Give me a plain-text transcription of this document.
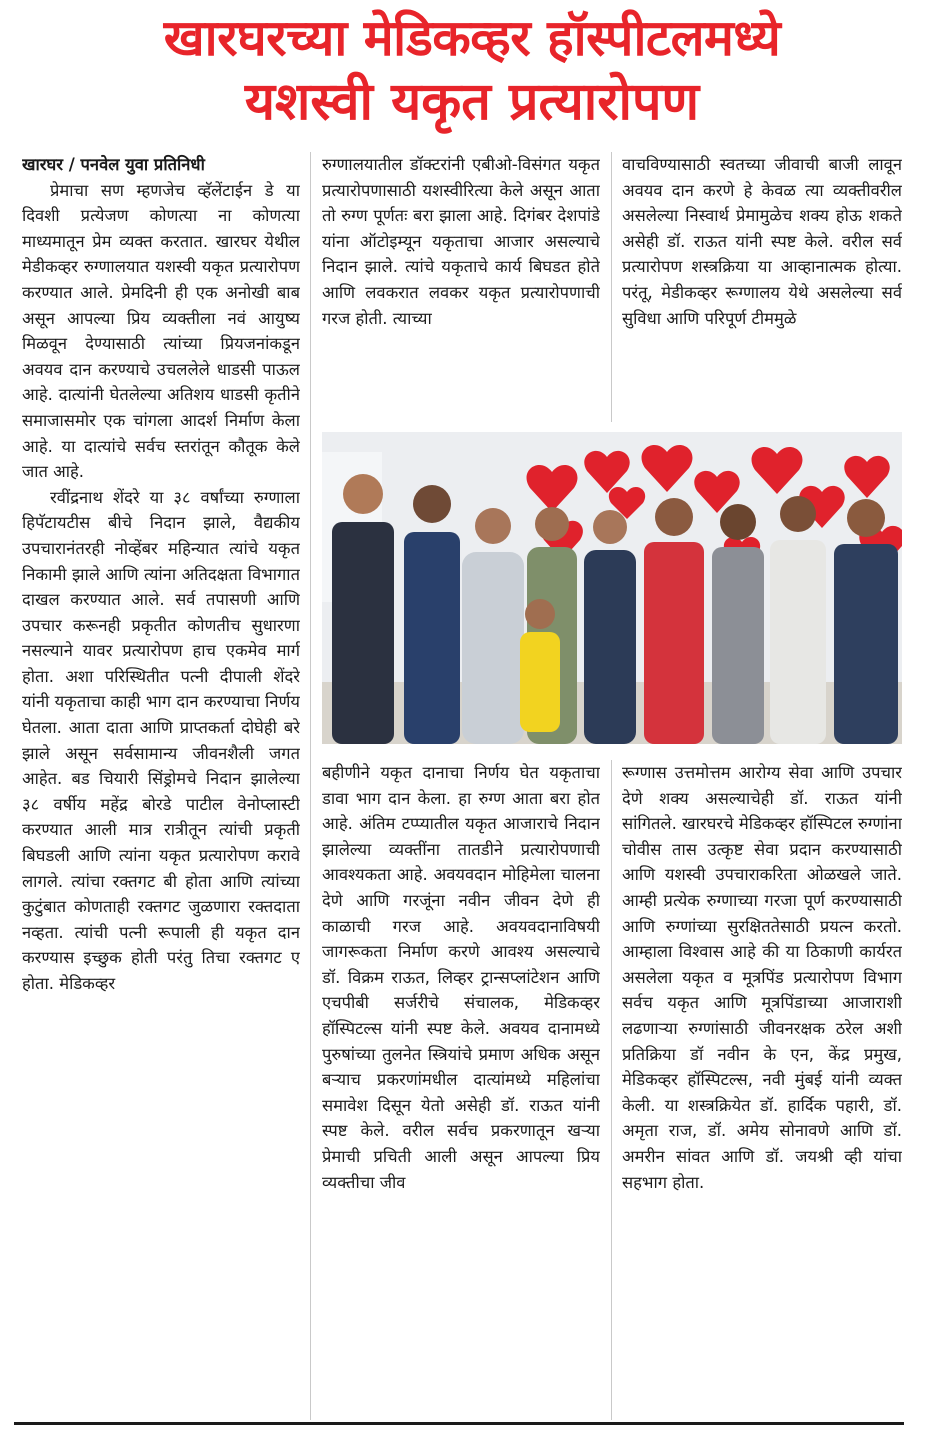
खारघरच्या मेडिकव्हर हॉस्पीटलमध्ये
यशस्वी यकृत प्रत्यारोपण

खारघर / पनवेल युवा प्रतिनिधी

प्रेमाचा सण म्हणजेच व्हॅलेंटाईन डे या दिवशी प्रत्येजण कोणत्या ना कोणत्या माध्यमातून प्रेम व्यक्त करतात. खारघर येथील मेडीकव्हर रुग्णालयात यशस्वी यकृत प्रत्यारोपण करण्यात आले. प्रेमदिनी ही एक अनोखी बाब असून आपल्या प्रिय व्यक्तीला नवं आयुष्य मिळवून देण्यासाठी त्यांच्या प्रियजनांकडून अवयव दान करण्याचे उचललेले धाडसी पाऊल आहे. दात्यांनी घेतलेल्या अतिशय धाडसी कृतीने समाजासमोर एक चांगला आदर्श निर्माण केला आहे. या दात्यांचे सर्वच स्तरांतून कौतूक केले जात आहे.

रवींद्रनाथ शेंदरे या ३८ वर्षांच्या रुग्णाला हिपॅटायटीस बीचे निदान झाले, वैद्यकीय उपचारानंतरही नोव्हेंबर महिन्यात त्यांचे यकृत निकामी झाले आणि त्यांना अतिदक्षता विभागात दाखल करण्यात आले. सर्व तपासणी आणि उपचार करूनही प्रकृतीत कोणतीच सुधारणा नसल्याने यावर प्रत्यारोपण हाच एकमेव मार्ग होता. अशा परिस्थितीत पत्नी दीपाली शेंदरे यांनी यकृताचा काही भाग दान करण्याचा निर्णय घेतला. आता दाता आणि प्राप्तकर्ता दोघेही बरे झाले असून सर्वसामान्य जीवनशैली जगत आहेत. बड चियारी सिंड्रोमचे निदान झालेल्या ३८ वर्षीय महेंद्र बोरडे पाटील वेनोप्लास्टी करण्यात आली मात्र रात्रीतून त्यांची प्रकृती बिघडली आणि त्यांना यकृत प्रत्यारोपण करावे लागले. त्यांचा रक्तगट बी होता आणि त्यांच्या कुटुंबात कोणताही रक्तगट जुळणारा रक्तदाता नव्हता. त्यांची पत्नी रूपाली ही यकृत दान करण्यास इच्छुक होती परंतु तिचा रक्तगट ए होता. मेडिकव्हर

रुग्णालयातील डॉक्टरांनी एबीओ-विसंगत यकृत प्रत्यारोपणासाठी यशस्वीरित्या केले असून आता तो रुग्ण पूर्णतः बरा झाला आहे. दिगंबर देशपांडे यांना ऑटोइम्यून यकृताचा आजार असल्याचे निदान झाले. त्यांचे यकृताचे कार्य बिघडत होते आणि लवकरात लवकर यकृत प्रत्यारोपणाची गरज होती. त्याच्या

वाचविण्यासाठी स्वतच्या जीवाची बाजी लावून अवयव दान करणे हे केवळ त्या व्यक्तीवरील असलेल्या निस्वार्थ प्रेमामुळेच शक्य होऊ शकते असेही डॉ. राऊत यांनी स्पष्ट केले. वरील सर्व प्रत्यारोपण शस्त्रक्रिया या आव्हानात्मक होत्या. परंतू, मेडीकव्हर रूग्णालय येथे असलेल्या सर्व सुविधा आणि परिपूर्ण टीममुळे

बहीणीने यकृत दानाचा निर्णय घेत यकृताचा डावा भाग दान केला. हा रुग्ण आता बरा होत आहे. अंतिम टप्प्यातील यकृत आजाराचे निदान झालेल्या व्यक्तींना तातडीने प्रत्यारोपणाची आवश्यकता आहे. अवयवदान मोहिमेला चालना देणे आणि गरजूंना नवीन जीवन देणे ही काळाची गरज आहे. अवयवदानाविषयी जागरूकता निर्माण करणे आवश्य असल्याचे डॉ. विक्रम राऊत, लिव्हर ट्रान्सप्लांटेशन आणि एचपीबी सर्जरीचे संचालक, मेडिकव्हर हॉस्पिटल्स यांनी स्पष्ट केले. अवयव दानामध्ये पुरुषांच्या तुलनेत स्त्रियांचे प्रमाण अधिक असून बऱ्याच प्रकरणांमधील दात्यांमध्ये महिलांचा समावेश दिसून येतो असेही डॉ. राऊत यांनी स्पष्ट केले. वरील सर्वच प्रकरणातून खऱ्या प्रेमाची प्रचिती आली असून आपल्या प्रिय व्यक्तीचा जीव

रूग्णास उत्तमोत्तम आरोग्य सेवा आणि उपचार देणे शक्य असल्याचेही डॉ. राऊत यांनी सांगितले. खारघरचे मेडिकव्हर हॉस्पिटल रुग्णांना चोवीस तास उत्कृष्ट सेवा प्रदान करण्यासाठी आणि यशस्वी उपचाराकरिता ओळखले जाते. आम्ही प्रत्येक रुग्णाच्या गरजा पूर्ण करण्यासाठी आणि रुग्णांच्या सुरक्षिततेसाठी प्रयत्न करतो. आम्हाला विश्वास आहे की या ठिकाणी कार्यरत असलेला यकृत व मूत्रपिंड प्रत्यारोपण विभाग सर्वच यकृत आणि मूत्रपिंडाच्या आजाराशी लढणाऱ्या रुग्णांसाठी जीवनरक्षक ठरेल अशी प्रतिक्रिया डॉ नवीन के एन, केंद्र प्रमुख, मेडिकव्हर हॉस्पिटल्स, नवी मुंबई यांनी व्यक्त केली. या शस्त्रक्रियेत डॉ. हार्दिक पहारी, डॉ. अमृता राज, डॉ. अमेय सोनावणे आणि डॉ. अमरीन सांवत आणि डॉ. जयश्री व्ही यांचा सहभाग होता.
